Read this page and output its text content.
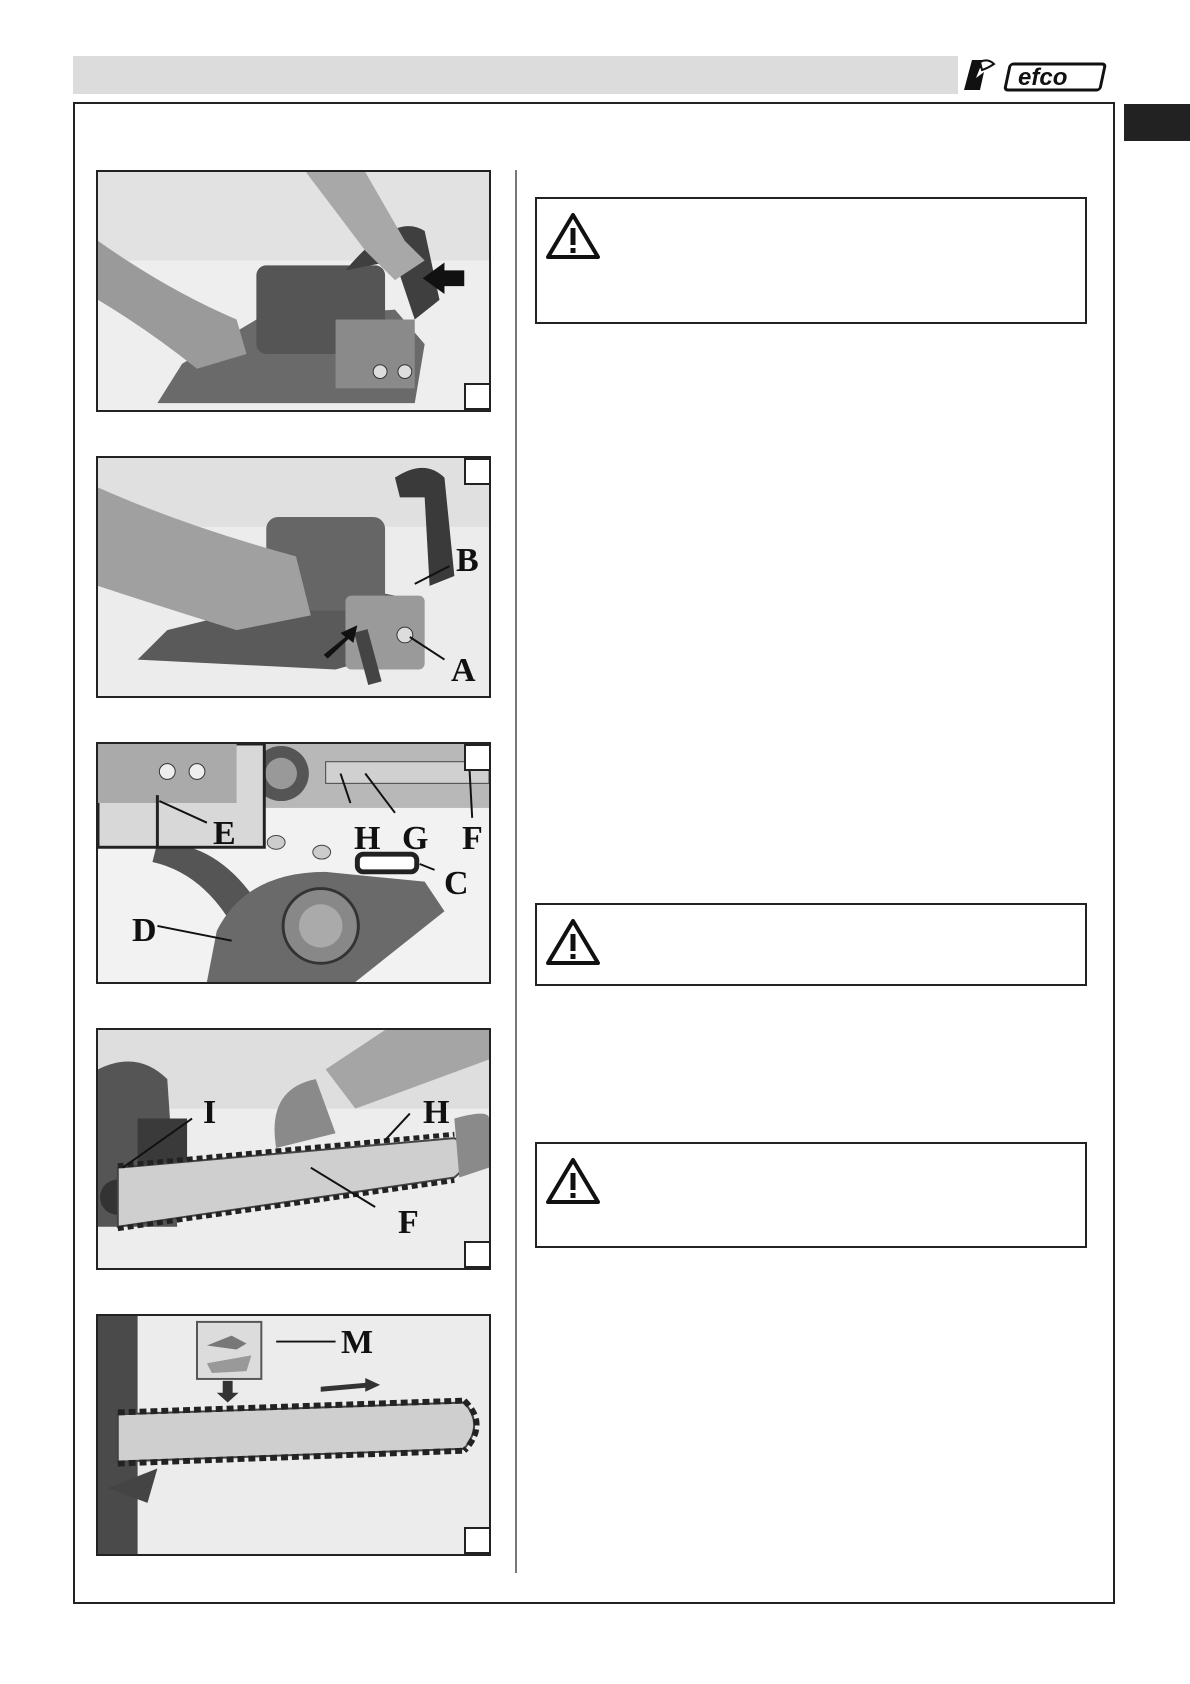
efco
B
A
E	H G F
C
D
I	H
F
M
